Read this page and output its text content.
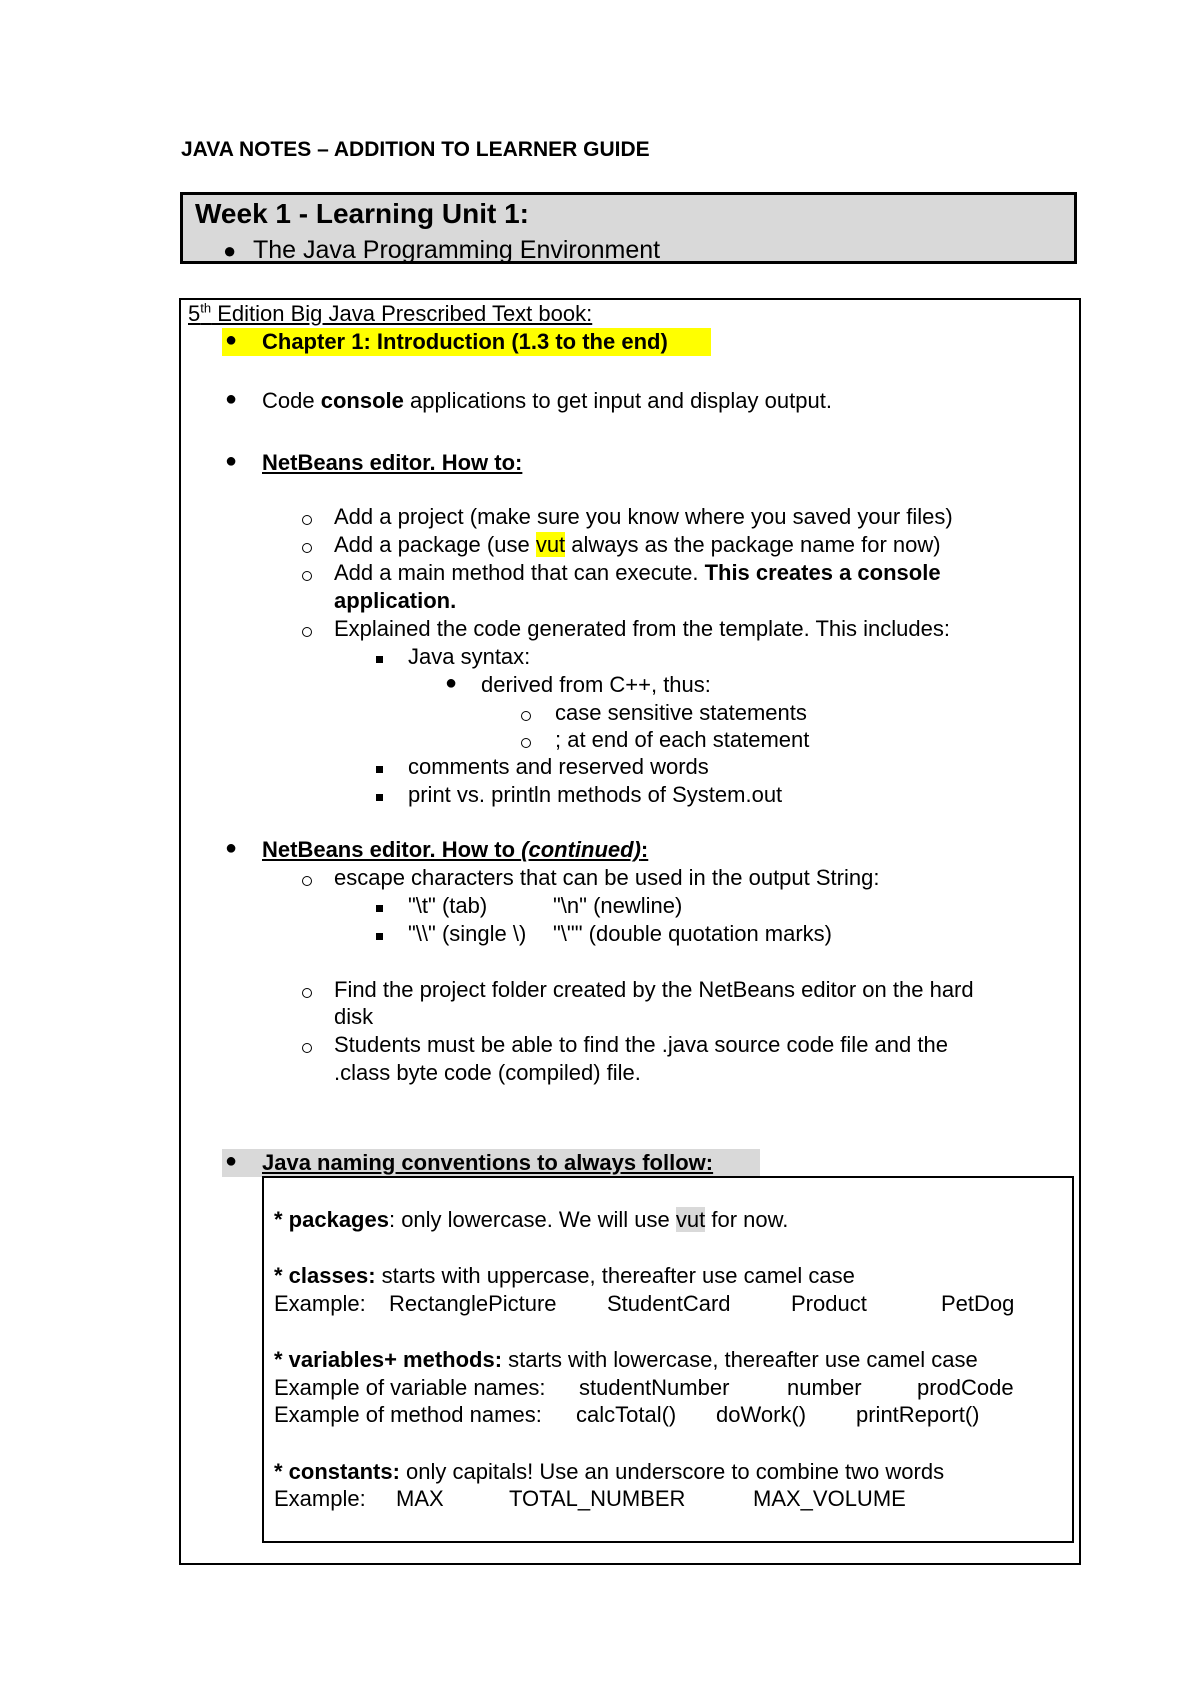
JAVA NOTES – ADDITION TO LEARNER GUIDE
Week 1 - Learning Unit 1:
● The Java Programming Environment
5th Edition Big Java Prescribed Text book:
● Chapter 1: Introduction (1.3 to the end)
● Code console applications to get input and display output.
● NetBeans editor. How to:
Add a project (make sure you know where you saved your files)
Add a package (use vut always as the package name for now)
Add a main method that can execute. This creates a console
application.
Explained the code generated from the template. This includes:
Java syntax:
● derived from C++, thus:
case sensitive statements
; at end of each statement
comments and reserved words
print vs. println methods of System.out
● NetBeans editor. How to (continued):
escape characters that can be used in the output String:
"\t" (tab)	"\n" (newline)
"\\" (single \) "\"" (double quotation marks)
Find the project folder created by the NetBeans editor on the hard
disk
Students must be able to find the .java source code file and the
.class byte code (compiled) file.
● Java naming conventions to always follow:
* packages: only lowercase. We will use vut for now.
* classes: starts with uppercase, thereafter use camel case
Example: RectanglePicture StudentCard	Product	PetDog
* variables+ methods: starts with lowercase, thereafter use camel case
Example of variable names: studentNumber	number	prodCode
Example of method names: calcTotal() doWork() printReport()
* constants: only capitals! Use an underscore to combine two words
Example: MAX	TOTAL_NUMBER	MAX_VOLUME
